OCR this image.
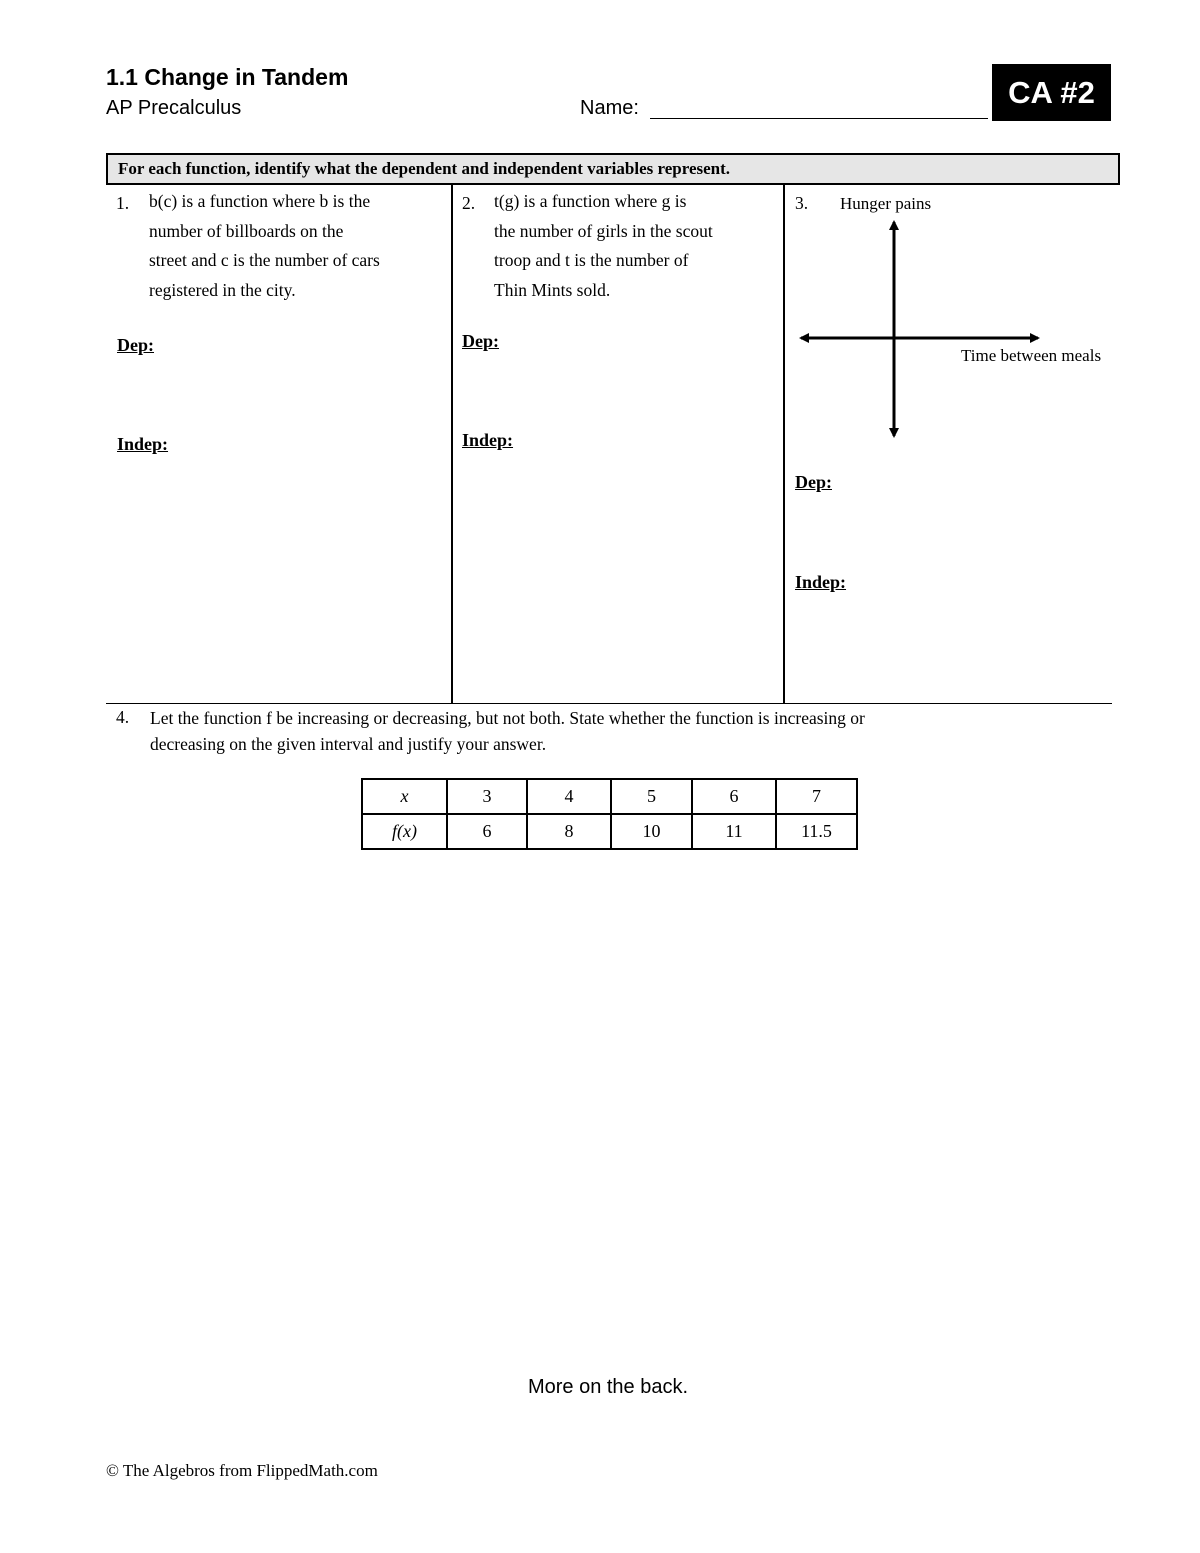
1.1 Change in Tandem
AP Precalculus	Name:	CA #2
For each function, identify what the dependent and independent variables represent.
1. b(c) is a function where b is the
number of billboards on the
street and c is the number of cars
registered in the city.
Dep:
Indep:
2. t(g) is a function where g is
the number of girls in the scout
troop and t is the number of
Thin Mints sold.
Dep:
Indep:
3. Hunger pains
Time between meals
Dep:
Indep:
4. Let the function f be increasing or decreasing, but not both. State whether the function is increasing or
decreasing on the given interval and justify your answer.
x	3	4	5	6	7
f(x)	6	8	10	11	11.5
More on the back.
© The Algebros from FlippedMath.com
